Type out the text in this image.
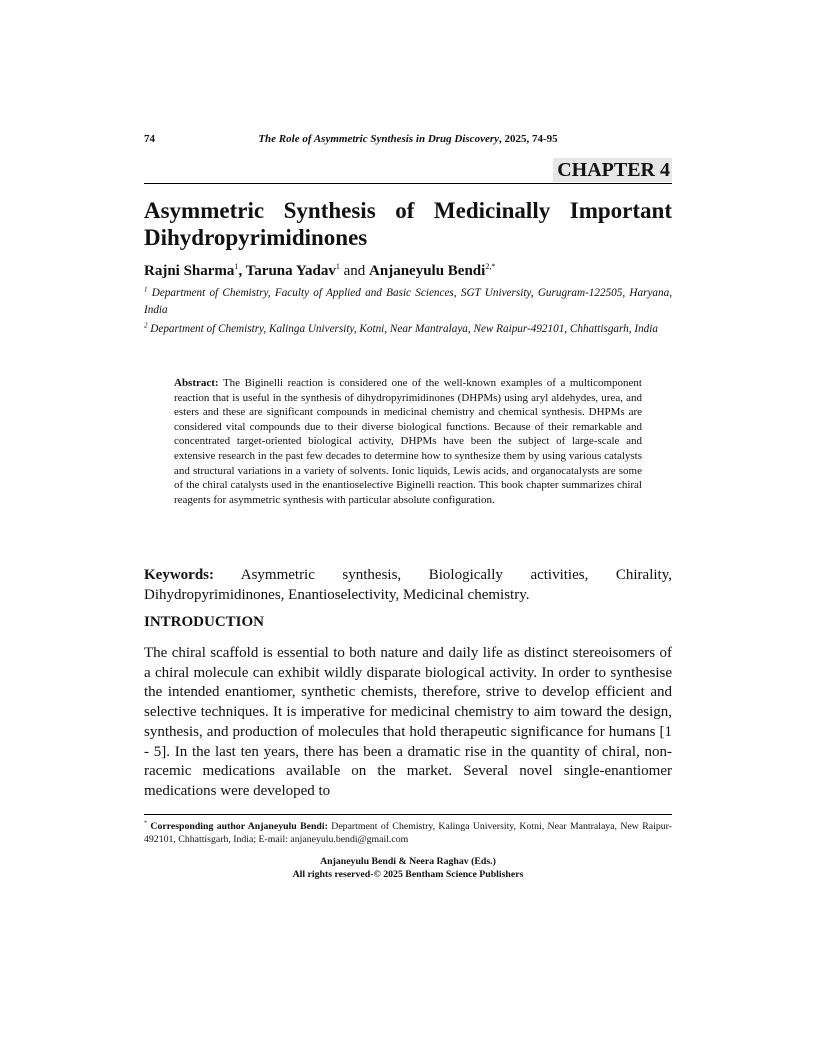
74	The Role of Asymmetric Synthesis in Drug Discovery, 2025, 74-95
CHAPTER 4
Asymmetric Synthesis of Medicinally Important Dihydropyrimidinones
Rajni Sharma$^1$, Taruna Yadav$^1$ and Anjaneyulu Bendi$^{2,*}$
$^1$ Department of Chemistry, Faculty of Applied and Basic Sciences, SGT University, Gurugram-122505, Haryana, India
$^2$ Department of Chemistry, Kalinga University, Kotni, Near Mantralaya, New Raipur-492101, Chhattisgarh, India
Abstract: The Biginelli reaction is considered one of the well-known examples of a multicomponent reaction that is useful in the synthesis of dihydropyrimidinones (DHPMs) using aryl aldehydes, urea, and esters and these are significant compounds in medicinal chemistry and chemical synthesis. DHPMs are considered vital compounds due to their diverse biological functions. Because of their remarkable and concentrated target-oriented biological activity, DHPMs have been the subject of large-scale and extensive research in the past few decades to determine how to synthesize them by using various catalysts and structural variations in a variety of solvents. Ionic liquids, Lewis acids, and organocatalysts are some of the chiral catalysts used in the enantioselective Biginelli reaction. This book chapter summarizes chiral reagents for asymmetric synthesis with particular absolute configuration.
Keywords: Asymmetric synthesis, Biologically activities, Chirality, Dihydropyrimidinones, Enantioselectivity, Medicinal chemistry.
INTRODUCTION

The chiral scaffold is essential to both nature and daily life as distinct stereoisomers of a chiral molecule can exhibit wildly disparate biological activity. In order to synthesise the intended enantiomer, synthetic chemists, therefore, strive to develop efficient and selective techniques. It is imperative for medicinal chemistry to aim toward the design, synthesis, and production of molecules that hold therapeutic significance for humans [1 - 5]. In the last ten years, there has been a dramatic rise in the quantity of chiral, non-racemic medications available on the market. Several novel single-enantiomer medications were developed to

* Corresponding author Anjaneyulu Bendi: Department of Chemistry, Kalinga University, Kotni, Near Mantralaya, New Raipur-492101, Chhattisgarh, India; E-mail: anjaneyulu.bendi@gmail.com
Anjaneyulu Bendi & Neera Raghav (Eds.)
All rights reserved-© 2025 Bentham Science Publishers
